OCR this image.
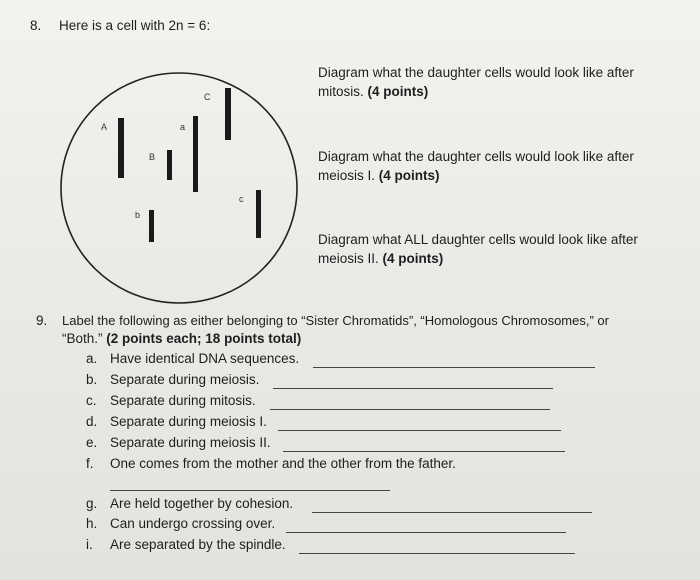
8. Here is a cell with 2n = 6:
A	a
B
b
C
c
Diagram what the daughter cells would look like after
mitosis. (4 points)
Diagram what the daughter cells would look like after
meiosis I. (4 points)
Diagram what ALL daughter cells would look like after
meiosis II. (4 points)
9. Label the following as either belonging to “Sister Chromatids”, “Homologous Chromosomes,” or
“Both.” (2 points each; 18 points total)
a. Have identical DNA sequences.
b. Separate during meiosis.
c. Separate during mitosis.
d. Separate during meiosis I.
e. Separate during meiosis II.
f.	One comes from the mother and the other from the father.
g. Are held together by cohesion.
h. Can undergo crossing over.
i.	Are separated by the spindle.
